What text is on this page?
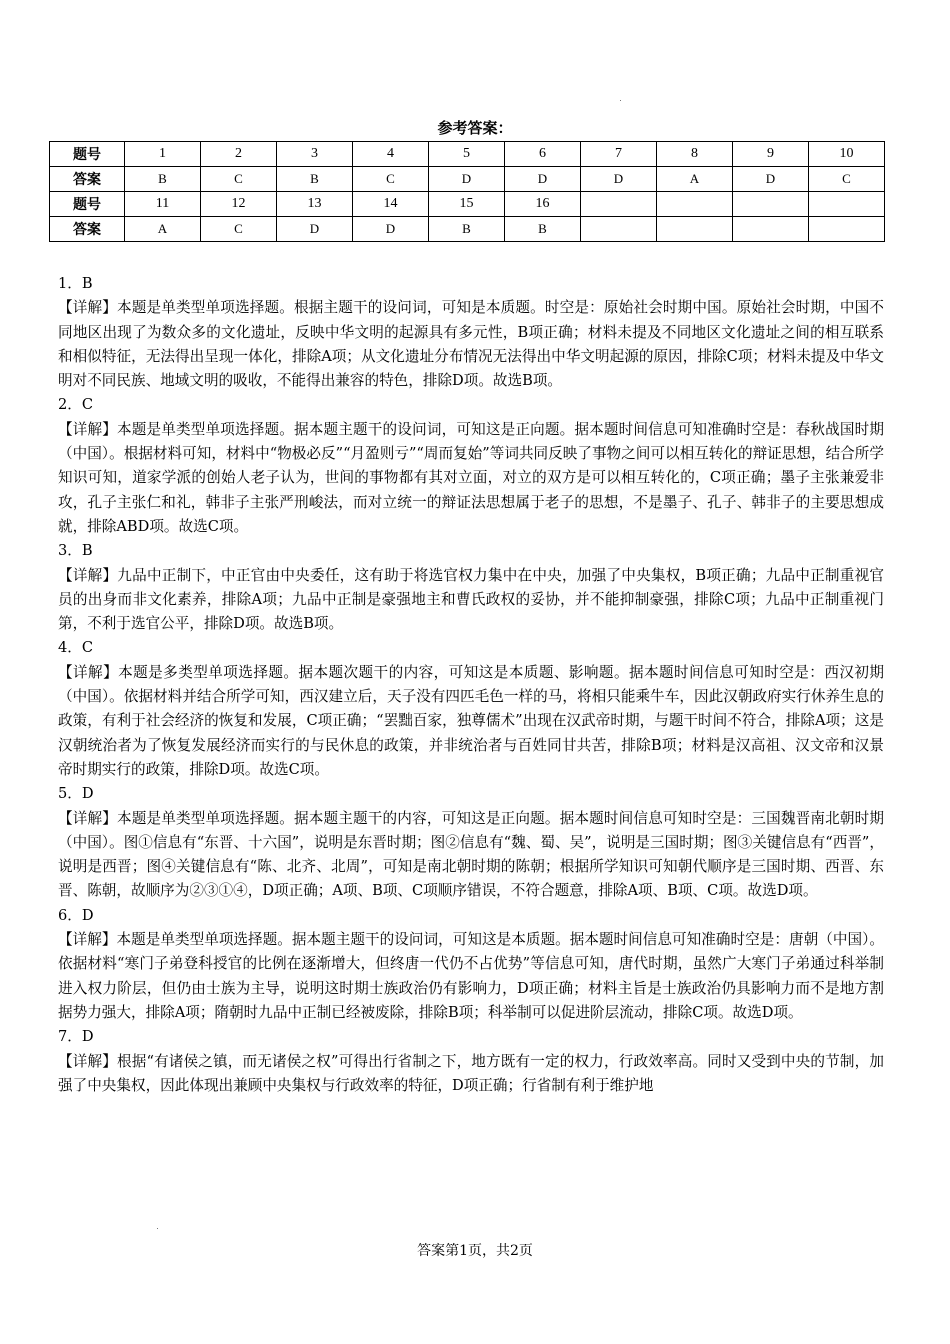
参考答案：
题号	1	2	3	4	5	6	7	8	9	10
答案	B	C	B	C	D	D	D	A	D	C
题号	11	12	13	14	15	16				
答案	A	C	D	D	B	B				

1．B

【详解】本题是单类型单项选择题。根据主题干的设问词，可知是本质题。时空是：原始社会时期中国。原始社会时期，中国不同地区出现了为数众多的文化遗址，反映中华文明的起源具有多元性，B项正确；材料未提及不同地区文化遗址之间的相互联系和相似特征，无法得出呈现一体化，排除A项；从文化遗址分布情况无法得出中华文明起源的原因，排除C项；材料未提及中华文明对不同民族、地域文明的吸收，不能得出兼容的特色，排除D项。故选B项。

2．C

【详解】本题是单类型单项选择题。据本题主题干的设问词，可知这是正向题。据本题时间信息可知准确时空是：春秋战国时期（中国）。根据材料可知，材料中“物极必反”“月盈则亏”“周而复始”等词共同反映了事物之间可以相互转化的辩证思想，结合所学知识可知，道家学派的创始人老子认为，世间的事物都有其对立面，对立的双方是可以相互转化的，C项正确；墨子主张兼爱非攻，孔子主张仁和礼，韩非子主张严刑峻法，而对立统一的辩证法思想属于老子的思想，不是墨子、孔子、韩非子的主要思想成就，排除ABD项。故选C项。

3．B

【详解】九品中正制下，中正官由中央委任，这有助于将选官权力集中在中央，加强了中央集权，B项正确；九品中正制重视官员的出身而非文化素养，排除A项；九品中正制是豪强地主和曹氏政权的妥协，并不能抑制豪强，排除C项；九品中正制重视门第，不利于选官公平，排除D项。故选B项。

4．C

【详解】本题是多类型单项选择题。据本题次题干的内容，可知这是本质题、影响题。据本题时间信息可知时空是：西汉初期（中国）。依据材料并结合所学可知，西汉建立后，天子没有四匹毛色一样的马，将相只能乘牛车，因此汉朝政府实行休养生息的政策，有利于社会经济的恢复和发展，C项正确；“罢黜百家，独尊儒术”出现在汉武帝时期，与题干时间不符合，排除A项；这是汉朝统治者为了恢复发展经济而实行的与民休息的政策，并非统治者与百姓同甘共苦，排除B项；材料是汉高祖、汉文帝和汉景帝时期实行的政策，排除D项。故选C项。

5．D

【详解】本题是单类型单项选择题。据本题主题干的内容，可知这是正向题。据本题时间信息可知时空是：三国魏晋南北朝时期（中国）。图①信息有“东晋、十六国”，说明是东晋时期；图②信息有“魏、蜀、吴”，说明是三国时期；图③关键信息有“西晋”，说明是西晋；图④关键信息有“陈、北齐、北周”，可知是南北朝时期的陈朝；根据所学知识可知朝代顺序是三国时期、西晋、东晋、陈朝，故顺序为②③①④，D项正确；A项、B项、C项顺序错误，不符合题意，排除A项、B项、C项。故选D项。

6．D

【详解】本题是单类型单项选择题。据本题主题干的设问词，可知这是本质题。据本题时间信息可知准确时空是：唐朝（中国）。依据材料“寒门子弟登科授官的比例在逐渐增大，但终唐一代仍不占优势”等信息可知，唐代时期，虽然广大寒门子弟通过科举制进入权力阶层，但仍由士族为主导，说明这时期士族政治仍有影响力，D项正确；材料主旨是士族政治仍具影响力而不是地方割据势力强大，排除A项；隋朝时九品中正制已经被废除，排除B项；科举制可以促进阶层流动，排除C项。故选D项。

7．D

【详解】根据“有诸侯之镇，而无诸侯之权”可得出行省制之下，地方既有一定的权力，行政效率高。同时又受到中央的节制，加强了中央集权，因此体现出兼顾中央集权与行政效率的特征，D项正确；行省制有利于维护地

答案第1页，共2页
